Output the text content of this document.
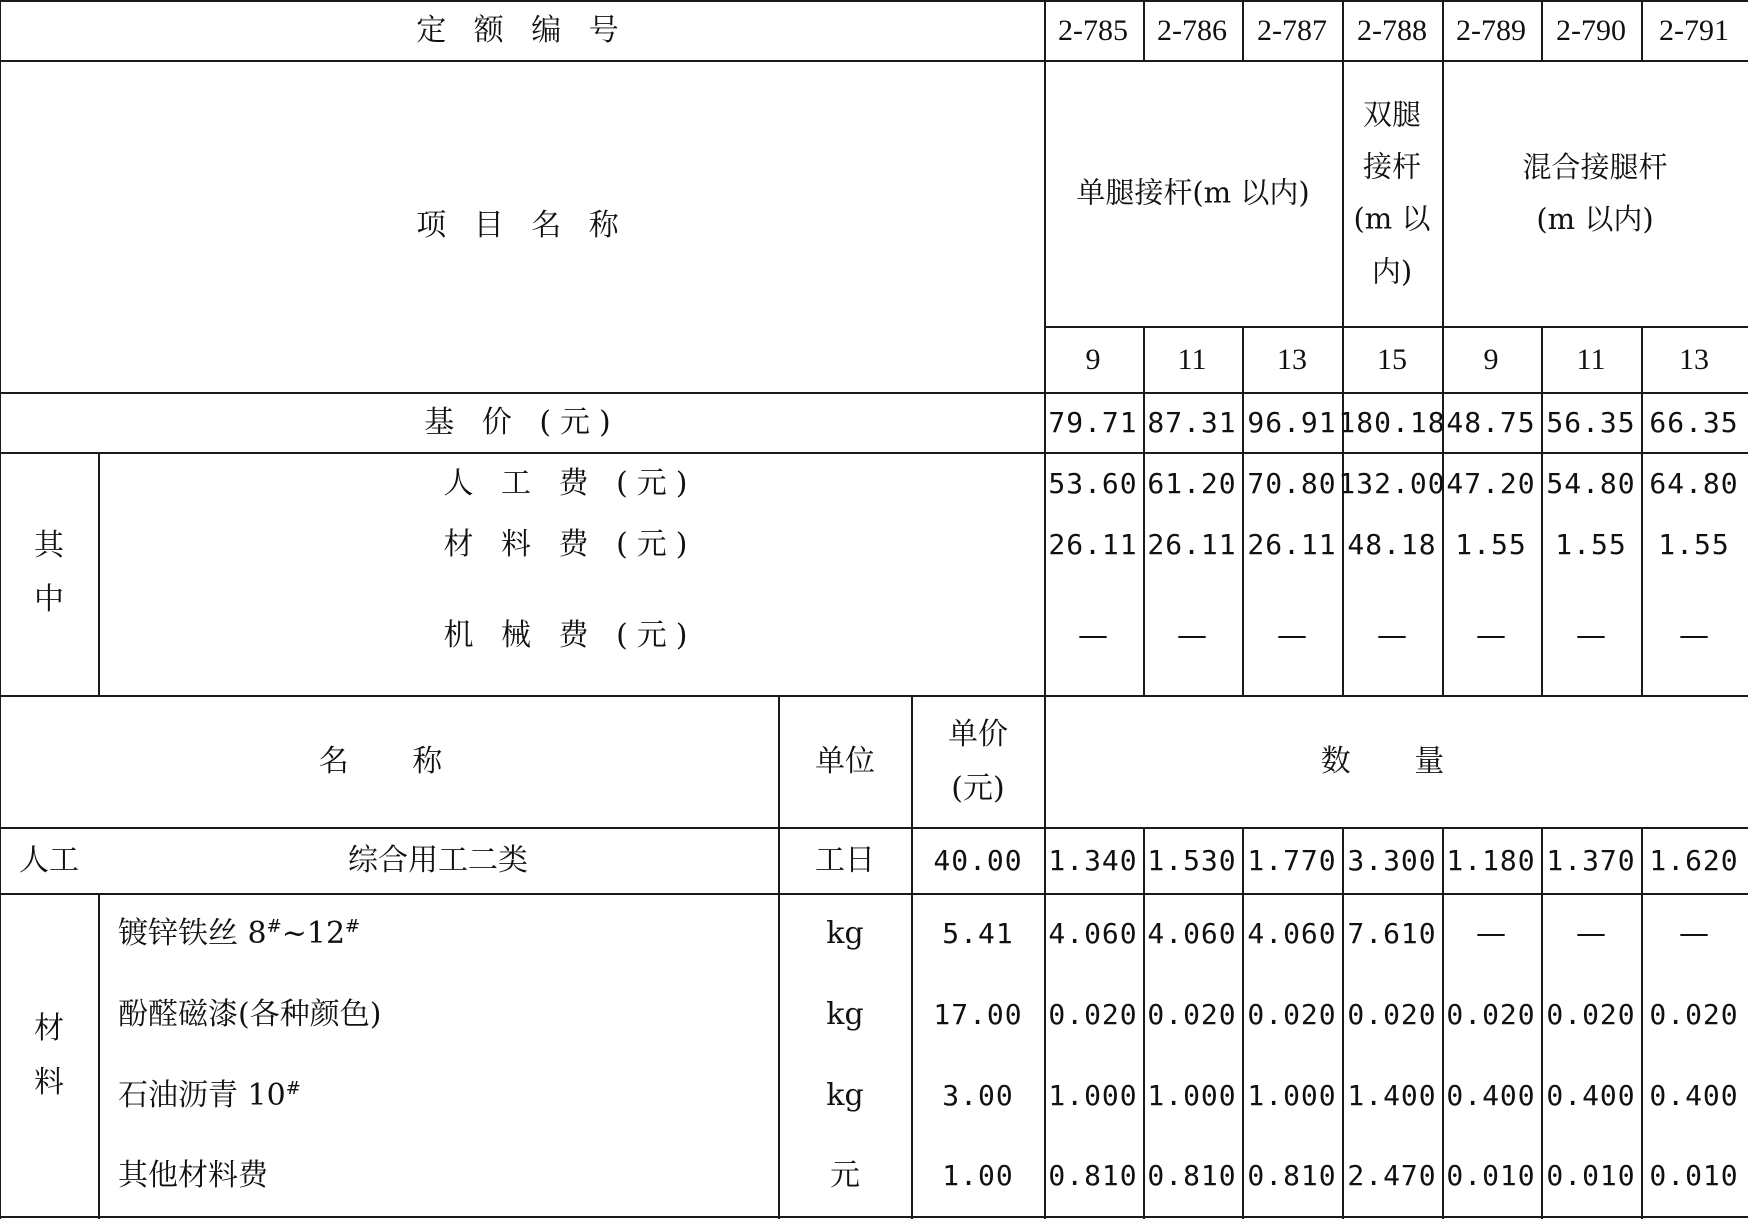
定 额 编 号	2-785 2-786 2-787 2-788 2-789 2-790 2-791
项 目 名 称
单腿接杆(m 以内)
双腿
接杆
(m 以
内)
混合接腿杆
(m 以内)
9	11 13 15	9	11 13
基 价 (元)	79.71 87.31 96.91 180.18 48.75 56.35 66.35
其
中
人 工 费 (元)	53.60 61.20 70.80 132.00 47.20 54.80 64.80
材 料 费 (元)	26.11 26.11 26.11 48.18 1.55 1.55 1.55
机 械 费 (元)	— — — — — — —
名 称	单位
单价
(元)
数 量
人工	综合用工二类	工日 40.00 1.340 1.530 1.770 3.300 1.180 1.370 1.620
材
料
镀锌铁丝 8#~12#	kg	5.41 4.060 4.060 4.060 7.610 — — —
酚醛磁漆(各种颜色)	kg 17.00 0.020 0.020 0.020 0.020 0.020 0.020 0.020
石油沥青 10#	kg	3.00 1.000 1.000 1.000 1.400 0.400 0.400 0.400
其他材料费	元	1.00 0.810 0.810 0.810 2.470 0.010 0.010 0.010
